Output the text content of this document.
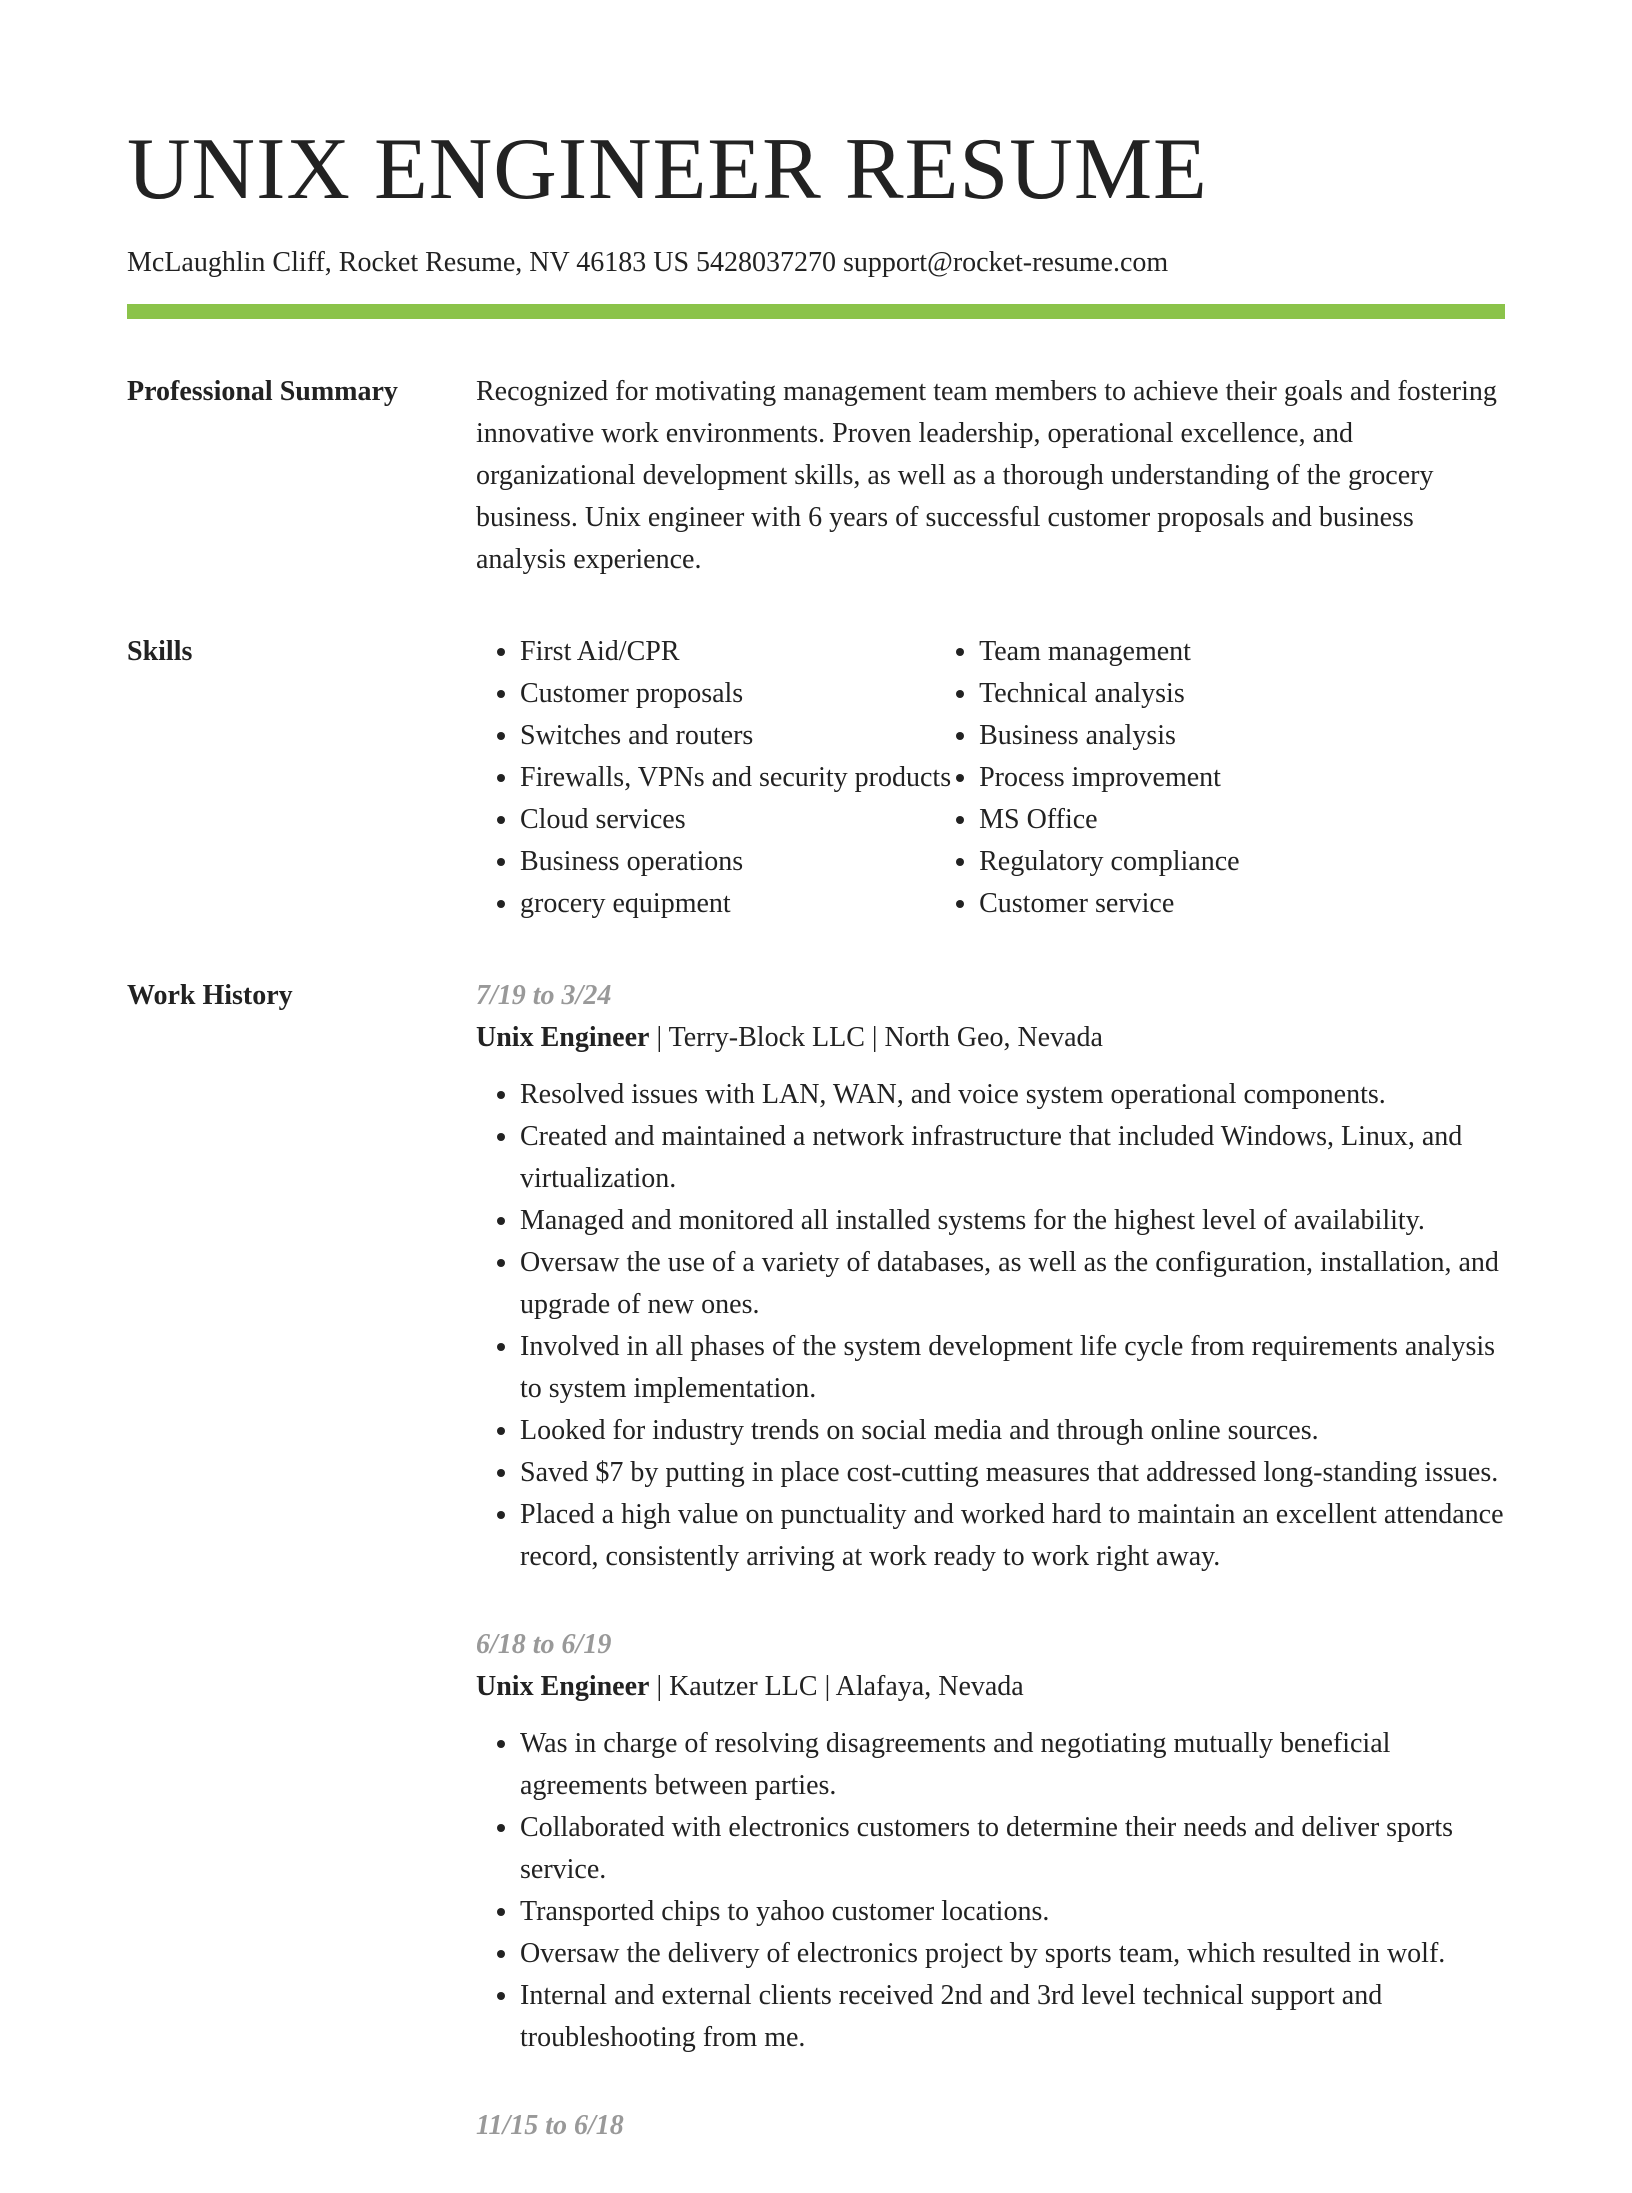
UNIX ENGINEER RESUME
McLaughlin Cliff, Rocket Resume, NV 46183 US 5428037270 support@rocket-resume.com
Professional Summary	Recognized for motivating management team members to achieve their goals and fostering innovative work environments. Proven leadership, operational excellence, and organizational development skills, as well as a thorough understanding of the grocery business. Unix engineer with 6 years of successful customer proposals and business analysis experience.

Skills
•	First Aid/CPR
• Customer proposals
• Switches and routers
• Firewalls, VPNs and security products
• Cloud services
• Business operations
• grocery equipment
• Team management
• Technical analysis
• Business analysis
• Process improvement
• MS Office
• Regulatory compliance
• Customer service
Work History	7/19 to 3/24
Unix Engineer | Terry-Block LLC | North Geo, Nevada
• Resolved issues with LAN, WAN, and voice system operational components.
• Created and maintained a network infrastructure that included Windows, Linux, and virtualization.
• Managed and monitored all installed systems for the highest level of availability.
• Oversaw the use of a variety of databases, as well as the configuration, installation, and upgrade of new ones.
• Involved in all phases of the system development life cycle from requirements analysis to system implementation.
• Looked for industry trends on social media and through online sources.
• Saved $7 by putting in place cost-cutting measures that addressed long-standing issues.
• Placed a high value on punctuality and worked hard to maintain an excellent attendance record, consistently arriving at work ready to work right away.
6/18 to 6/19
Unix Engineer | Kautzer LLC | Alafaya, Nevada
• Was in charge of resolving disagreements and negotiating mutually beneficial agreements between parties.
• Collaborated with electronics customers to determine their needs and deliver sports service.
• Transported chips to yahoo customer locations.
• Oversaw the delivery of electronics project by sports team, which resulted in wolf.
• Internal and external clients received 2nd and 3rd level technical support and troubleshooting from me.
11/15 to 6/18
